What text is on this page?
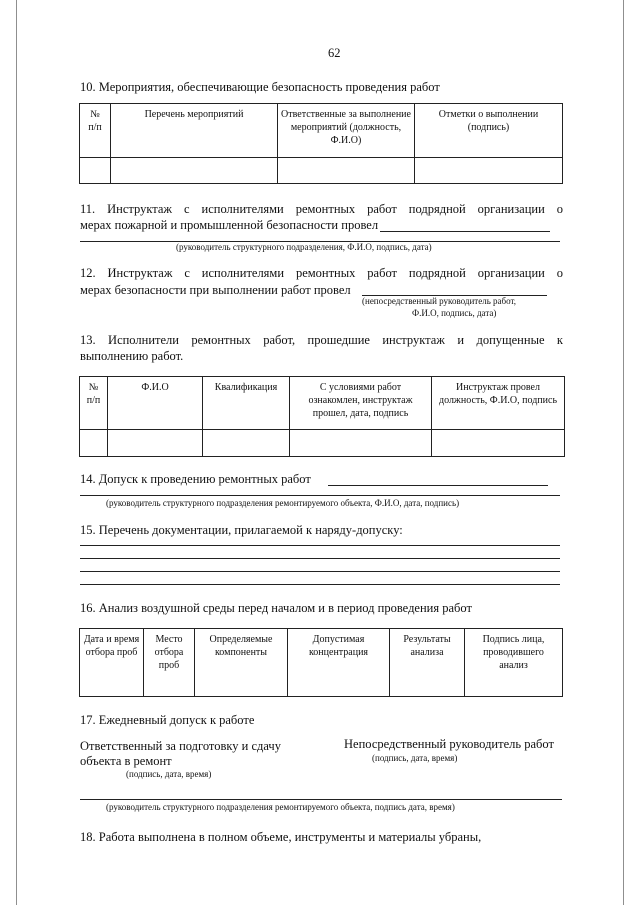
62
10. Мероприятия, обеспечивающие безопасность проведения работ
№
п/п	Перечень мероприятий	Ответственные за выполнение мероприятий (должность, Ф.И.О)	Отметки о выполнении (подпись)

11. Инструктаж с исполнителями ремонтных работ подрядной организации о
мерах пожарной и промышленной безопасности провел
(руководитель структурного подразделения, Ф.И.О, подпись, дата)
12. Инструктаж с исполнителями ремонтных работ подрядной организации о
мерах безопасности при выполнении работ провел
(непосредственный руководитель работ,
Ф.И.О, подпись, дата)
13. Исполнители ремонтных работ, прошедшие инструктаж и допущенные к
выполнению работ.
№
п/п	Ф.И.О	Квалификация	С условиями работ ознакомлен, инструктаж прошел, дата, подпись	Инструктаж провел должность, Ф.И.О, подпись

14. Допуск к проведению ремонтных работ
(руководитель структурного подразделения ремонтируемого объекта, Ф.И.О, дата, подпись)
15. Перечень документации, прилагаемой к наряду-допуску:
16. Анализ воздушной среды перед началом и в период проведения работ
Дата и время отбора проб	Место отбора проб	Определяемые компоненты	Допустимая концентрация	Результаты анализа	Подпись лица, проводившего анализ
17. Ежедневный допуск к работе
Ответственный за подготовку и сдачу
объекта в ремонт
(подпись, дата, время)
Непосредственный руководитель работ
(подпись, дата, время)
(руководитель структурного подразделения ремонтируемого объекта, подпись дата, время)
18. Работа выполнена в полном объеме, инструменты и материалы убраны,
